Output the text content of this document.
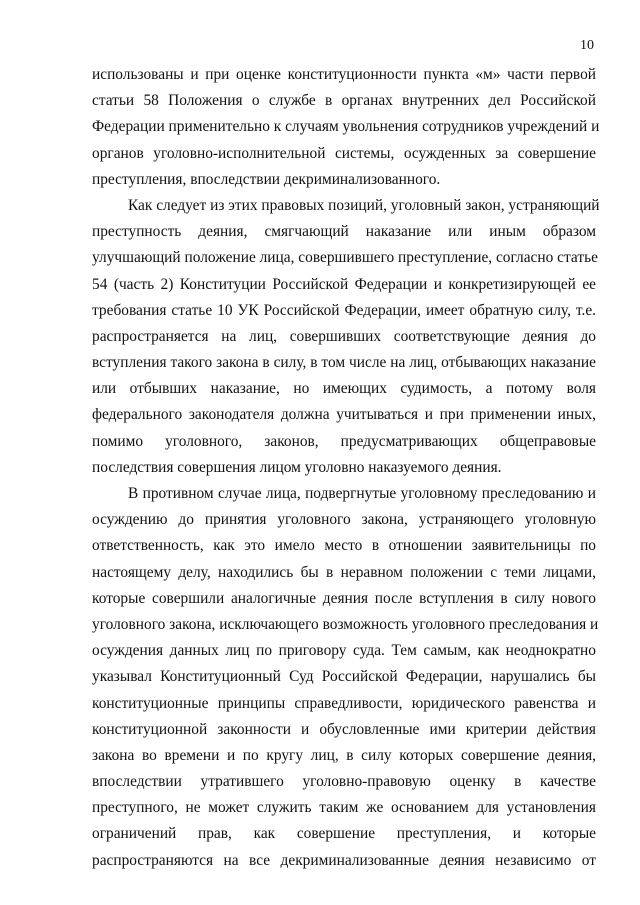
10
использованы и при оценке конституционности пункта «м» части первой
статьи 58 Положения о службе в органах внутренних дел Российской
Федерации применительно к случаям увольнения сотрудников учреждений и
органов уголовно-исполнительной системы, осужденных за совершение
преступления, впоследствии декриминализованного.
Как следует из этих правовых позиций, уголовный закон, устраняющий
преступность деяния, смягчающий наказание или иным образом
улучшающий положение лица, совершившего преступление, согласно статье
54 (часть 2) Конституции Российской Федерации и конкретизирующей ее
требования статье 10 УК Российской Федерации, имеет обратную силу, т.е.
распространяется на лиц, совершивших соответствующие деяния до
вступления такого закона в силу, в том числе на лиц, отбывающих наказание
или отбывших наказание, но имеющих судимость, а потому воля
федерального законодателя должна учитываться и при применении иных,
помимо уголовного, законов, предусматривающих общеправовые
последствия совершения лицом уголовно наказуемого деяния.
В противном случае лица, подвергнутые уголовному преследованию и
осуждению до принятия уголовного закона, устраняющего уголовную
ответственность, как это имело место в отношении заявительницы по
настоящему делу, находились бы в неравном положении с теми лицами,
которые совершили аналогичные деяния после вступления в силу нового
уголовного закона, исключающего возможность уголовного преследования и
осуждения данных лиц по приговору суда. Тем самым, как неоднократно
указывал Конституционный Суд Российской Федерации, нарушались бы
конституционные принципы справедливости, юридического равенства и
конституционной законности и обусловленные ими критерии действия
закона во времени и по кругу лиц, в силу которых совершение деяния,
впоследствии утратившего уголовно-правовую оценку в качестве
преступного, не может служить таким же основанием для установления
ограничений прав, как совершение преступления, и которые
распространяются на все декриминализованные деяния независимо от
